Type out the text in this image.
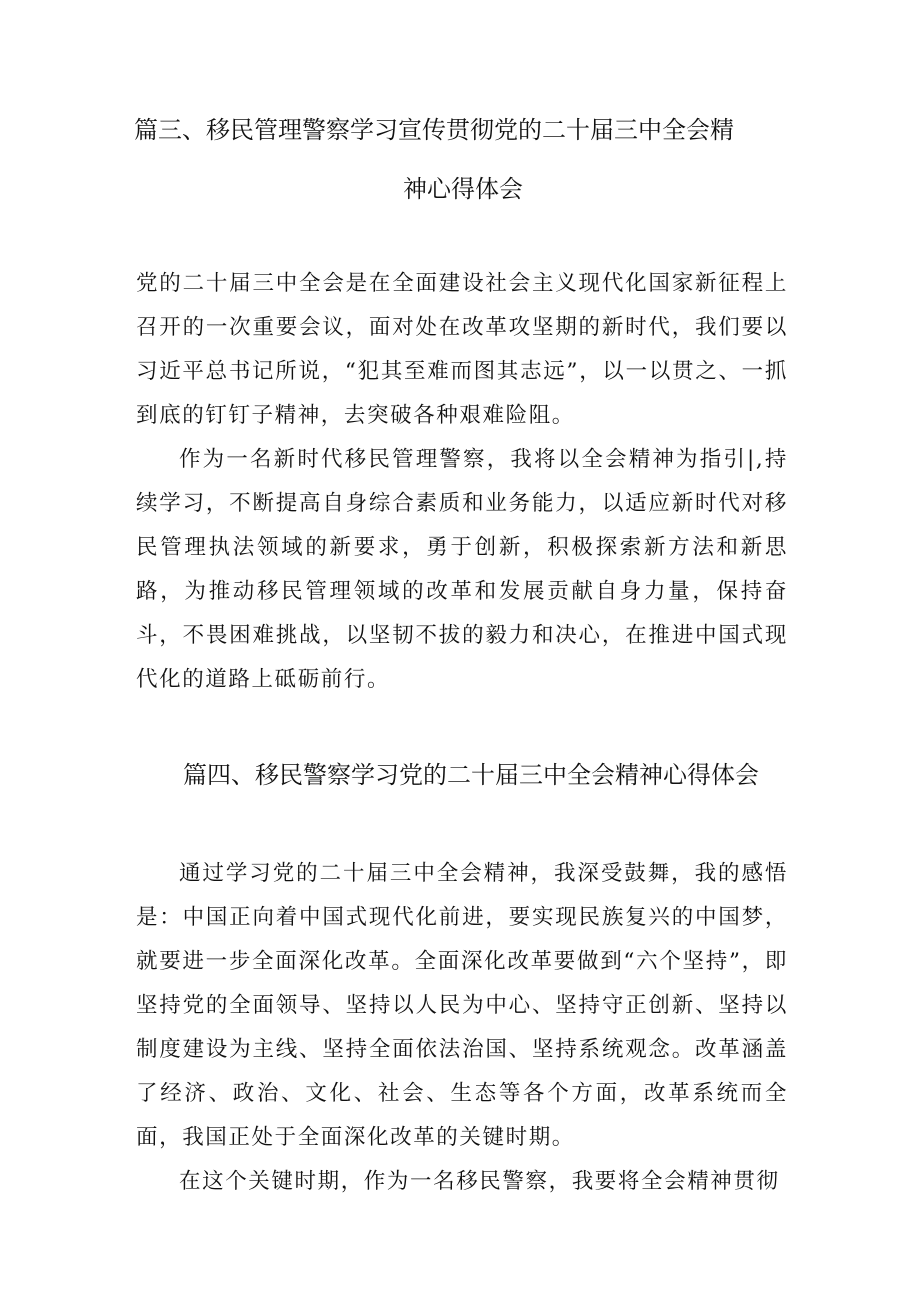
篇三、移民管理警察学习宣传贯彻党的二十届三中全会精
神心得体会

党的二十届三中全会是在全面建设社会主义现代化国家新征程上召开的一次重要会议，面对处在改革攻坚期的新时代，我们要以习近平总书记所说，“犯其至难而图其志远”，以一以贯之、一抓到底的钉钉子精神，去突破各种艰难险阻。

作为一名新时代移民管理警察，我将以全会精神为指引|,持续学习，不断提高自身综合素质和业务能力，以适应新时代对移民管理执法领域的新要求，勇于创新，积极探索新方法和新思路，为推动移民管理领域的改革和发展贡献自身力量，保持奋斗，不畏困难挑战，以坚韧不拔的毅力和决心，在推进中国式现代化的道路上砥砺前行。

篇四、移民警察学习党的二十届三中全会精神心得体会

通过学习党的二十届三中全会精神，我深受鼓舞，我的感悟是：中国正向着中国式现代化前进，要实现民族复兴的中国梦，就要进一步全面深化改革。全面深化改革要做到“六个坚持”，即坚持党的全面领导、坚持以人民为中心、坚持守正创新、坚持以制度建设为主线、坚持全面依法治国、坚持系统观念。改革涵盖了经济、政治、文化、社会、生态等各个方面，改革系统而全面，我国正处于全面深化改革的关键时期。

在这个关键时期，作为一名移民警察，我要将全会精神贯彻
